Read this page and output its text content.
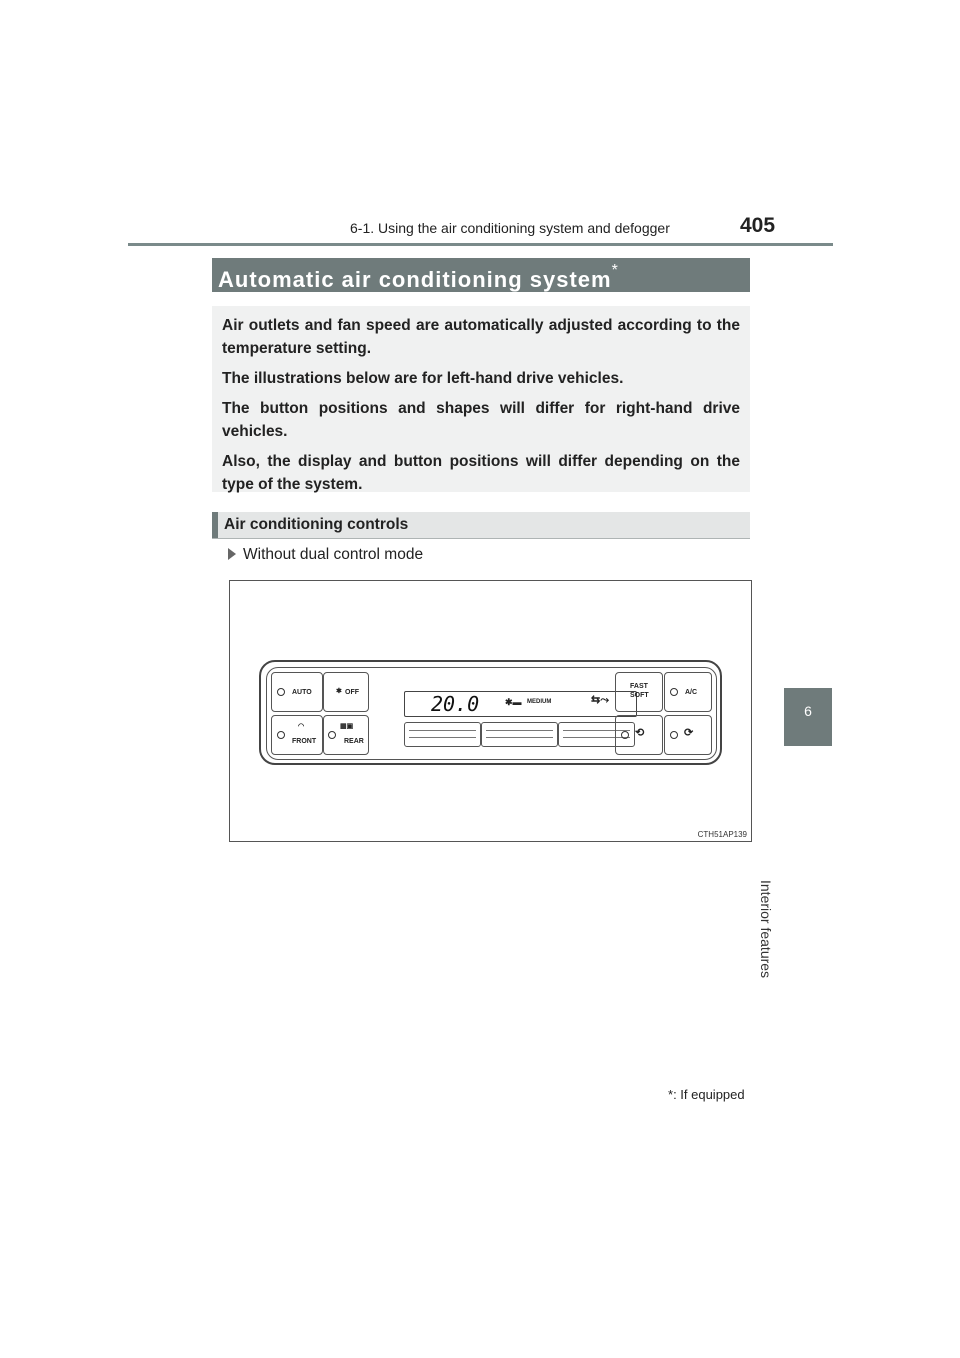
6-1. Using the air conditioning system and defogger	405
6
Interior features
Automatic air conditioning system*

Air outlets and fan speed are automatically adjusted according to the temperature setting.

The illustrations below are for left-hand drive vehicles.

The button positions and shapes will differ for right-hand drive vehicles.

Also, the display and button positions will differ depending on the type of the system.

Air conditioning controls
Without dual control mode
AUTO	✱ OFF
◠
FRONT
▦▣
REAR
20.0	✱▬ MEDIUM	⇆⤳
FAST
SOFT	A/C
⟲	⟳
CTH51AP139
*: If equipped
